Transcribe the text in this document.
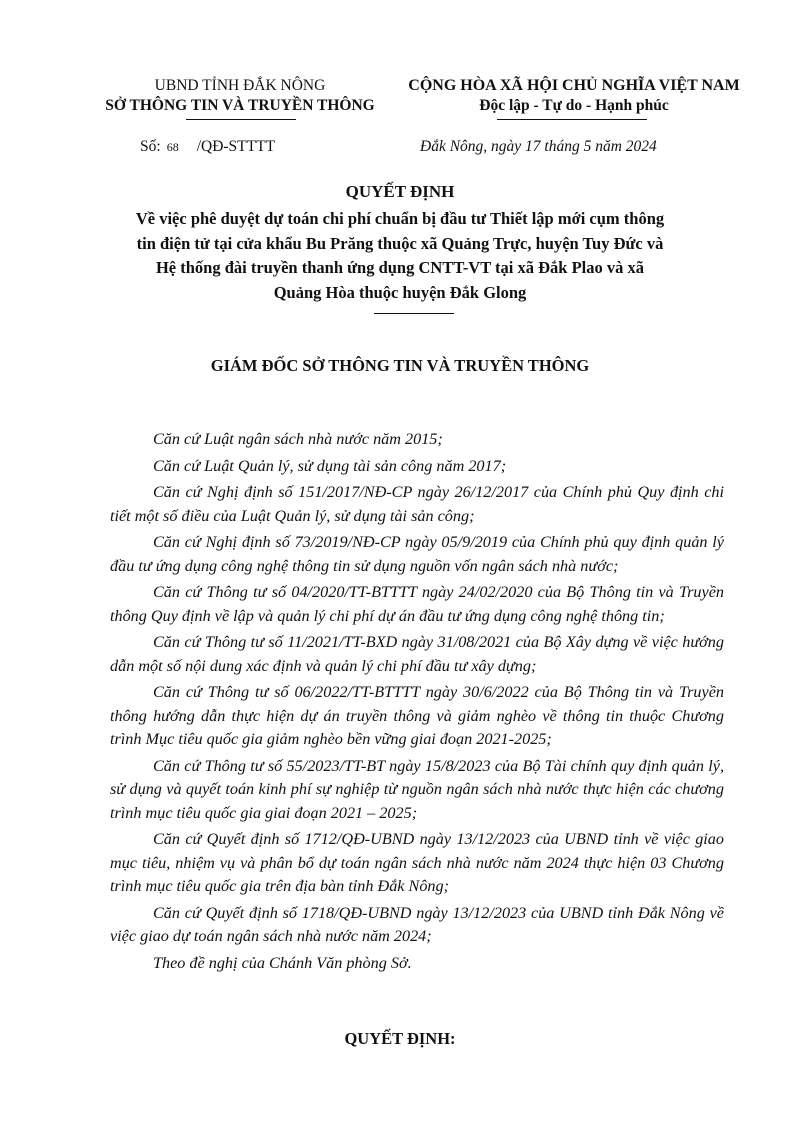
UBND TỈNH ĐẮK NÔNG
SỞ THÔNG TIN VÀ TRUYỀN THÔNG
CỘNG HÒA XÃ HỘI CHỦ NGHĨA VIỆT NAM
Độc lập - Tự do - Hạnh phúc
Số: 68 /QĐ-STTTT	Đắk Nông, ngày 17 tháng 5 năm 2024
QUYẾT ĐỊNH
Về việc phê duyệt dự toán chi phí chuẩn bị đầu tư Thiết lập mới cụm thông
tin điện tử tại cửa khẩu Bu Prăng thuộc xã Quảng Trực, huyện Tuy Đức và
Hệ thống đài truyền thanh ứng dụng CNTT-VT tại xã Đắk Plao và xã
Quảng Hòa thuộc huyện Đắk Glong
GIÁM ĐỐC SỞ THÔNG TIN VÀ TRUYỀN THÔNG

Căn cứ Luật ngân sách nhà nước năm 2015;

Căn cứ Luật Quản lý, sử dụng tài sản công năm 2017;

Căn cứ Nghị định số 151/2017/NĐ-CP ngày 26/12/2017 của Chính phủ Quy định chi tiết một số điều của Luật Quản lý, sử dụng tài sản công;

Căn cứ Nghị định số 73/2019/NĐ-CP ngày 05/9/2019 của Chính phủ quy định quản lý đầu tư ứng dụng công nghệ thông tin sử dụng nguồn vốn ngân sách nhà nước;

Căn cứ Thông tư số 04/2020/TT-BTTTT ngày 24/02/2020 của Bộ Thông tin và Truyền thông Quy định về lập và quản lý chi phí dự án đầu tư ứng dụng công nghệ thông tin;

Căn cứ Thông tư số 11/2021/TT-BXD ngày 31/08/2021 của Bộ Xây dựng về việc hướng dẫn một số nội dung xác định và quản lý chi phí đầu tư xây dựng;

Căn cứ Thông tư số 06/2022/TT-BTTTT ngày 30/6/2022 của Bộ Thông tin và Truyền thông hướng dẫn thực hiện dự án truyền thông và giảm nghèo về thông tin thuộc Chương trình Mục tiêu quốc gia giảm nghèo bền vững giai đoạn 2021-2025;

Căn cứ Thông tư số 55/2023/TT-BT ngày 15/8/2023 của Bộ Tài chính quy định quản lý, sử dụng và quyết toán kinh phí sự nghiệp từ nguồn ngân sách nhà nước thực hiện các chương trình mục tiêu quốc gia giai đoạn 2021 – 2025;

Căn cứ Quyết định số 1712/QĐ-UBND ngày 13/12/2023 của UBND tỉnh về việc giao mục tiêu, nhiệm vụ và phân bổ dự toán ngân sách nhà nước năm 2024 thực hiện 03 Chương trình mục tiêu quốc gia trên địa bàn tỉnh Đắk Nông;

Căn cứ Quyết định số 1718/QĐ-UBND ngày 13/12/2023 của UBND tỉnh Đắk Nông về việc giao dự toán ngân sách nhà nước năm 2024;

Theo đề nghị của Chánh Văn phòng Sở.

QUYẾT ĐỊNH:
